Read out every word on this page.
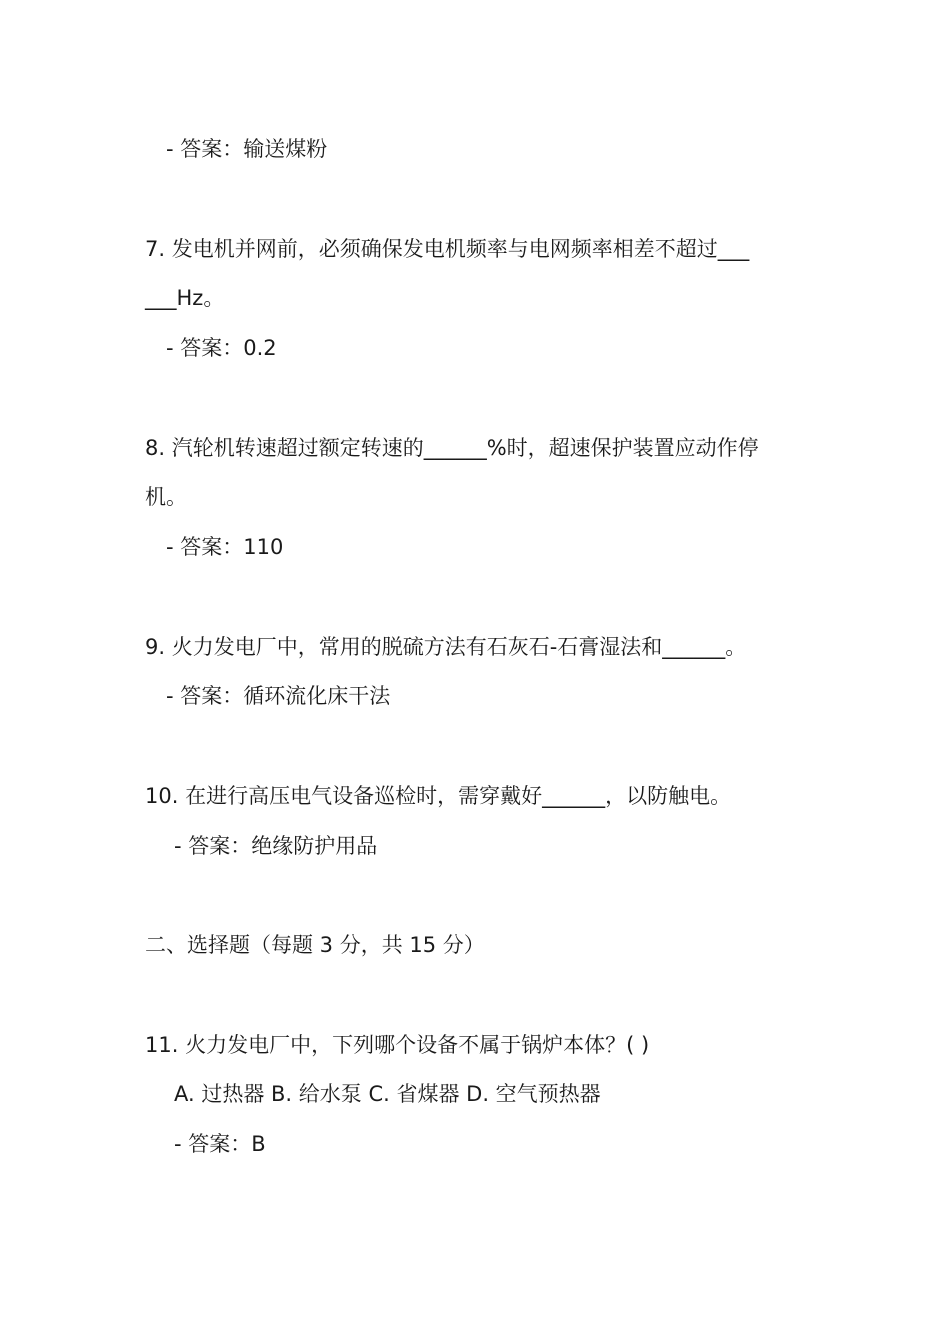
- 答案：输送煤粉
7. 发电机并网前，必须确保发电机频率与电网频率相差不超过___
___Hz。
- 答案：0.2
8. 汽轮机转速超过额定转速的______%时，超速保护装置应动作停
机。
- 答案：110
9. 火力发电厂中，常用的脱硫方法有石灰石-石膏湿法和______。
- 答案：循环流化床干法
10. 在进行高压电气设备巡检时，需穿戴好______，以防触电。
- 答案：绝缘防护用品
二、选择题（每题 3 分，共 15 分）
11. 火力发电厂中，下列哪个设备不属于锅炉本体？( )
A. 过热器 B. 给水泵 C. 省煤器 D. 空气预热器
- 答案：B
